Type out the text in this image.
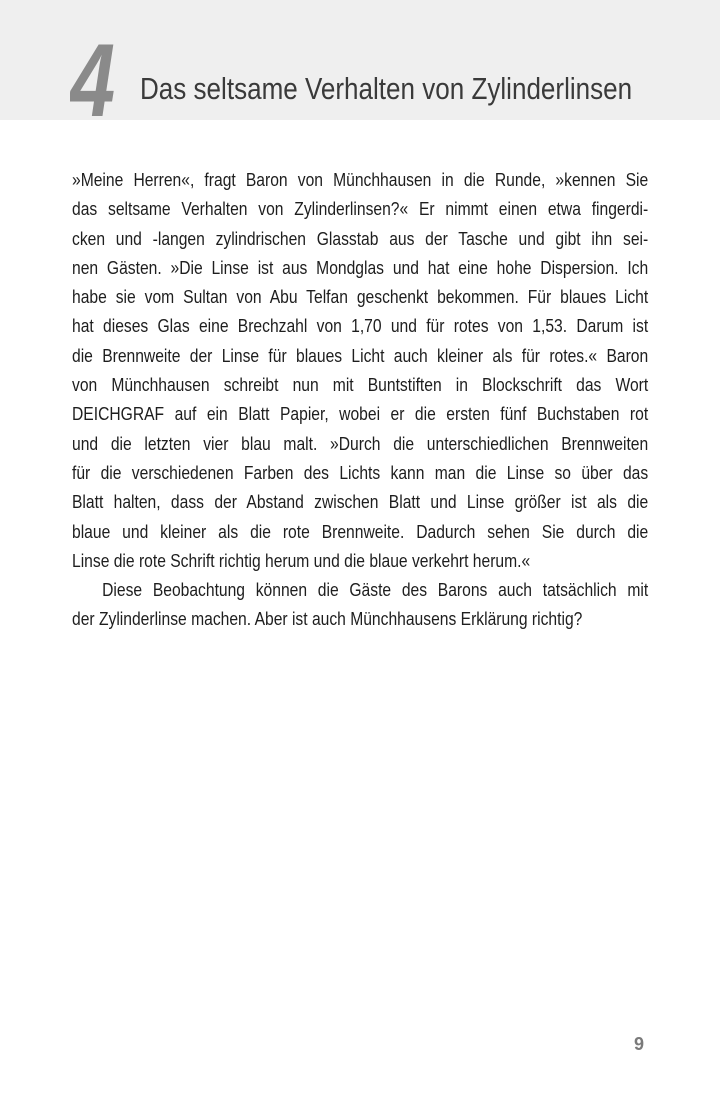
4 Das seltsame Verhalten von Zylinderlinsen
»Meine Herren«, fragt Baron von Münchhausen in die Runde, »kennen Sie
das seltsame Verhalten von Zylinderlinsen?« Er nimmt einen etwa fingerdi-
cken und -langen zylindrischen Glasstab aus der Tasche und gibt ihn sei-
nen Gästen. »Die Linse ist aus Mondglas und hat eine hohe Dispersion. Ich
habe sie vom Sultan von Abu Telfan geschenkt bekommen. Für blaues Licht
hat dieses Glas eine Brechzahl von 1,70 und für rotes von 1,53. Darum ist
die Brennweite der Linse für blaues Licht auch kleiner als für rotes.« Baron
von Münchhausen schreibt nun mit Buntstiften in Blockschrift das Wort
DEICHGRAF auf ein Blatt Papier, wobei er die ersten fünf Buchstaben rot
und die letzten vier blau malt. »Durch die unterschiedlichen Brennweiten
für die verschiedenen Farben des Lichts kann man die Linse so über das
Blatt halten, dass der Abstand zwischen Blatt und Linse größer ist als die
blaue und kleiner als die rote Brennweite. Dadurch sehen Sie durch die
Linse die rote Schrift richtig herum und die blaue verkehrt herum.«
Diese Beobachtung können die Gäste des Barons auch tatsächlich mit
der Zylinderlinse machen. Aber ist auch Münchhausens Erklärung richtig?
9
